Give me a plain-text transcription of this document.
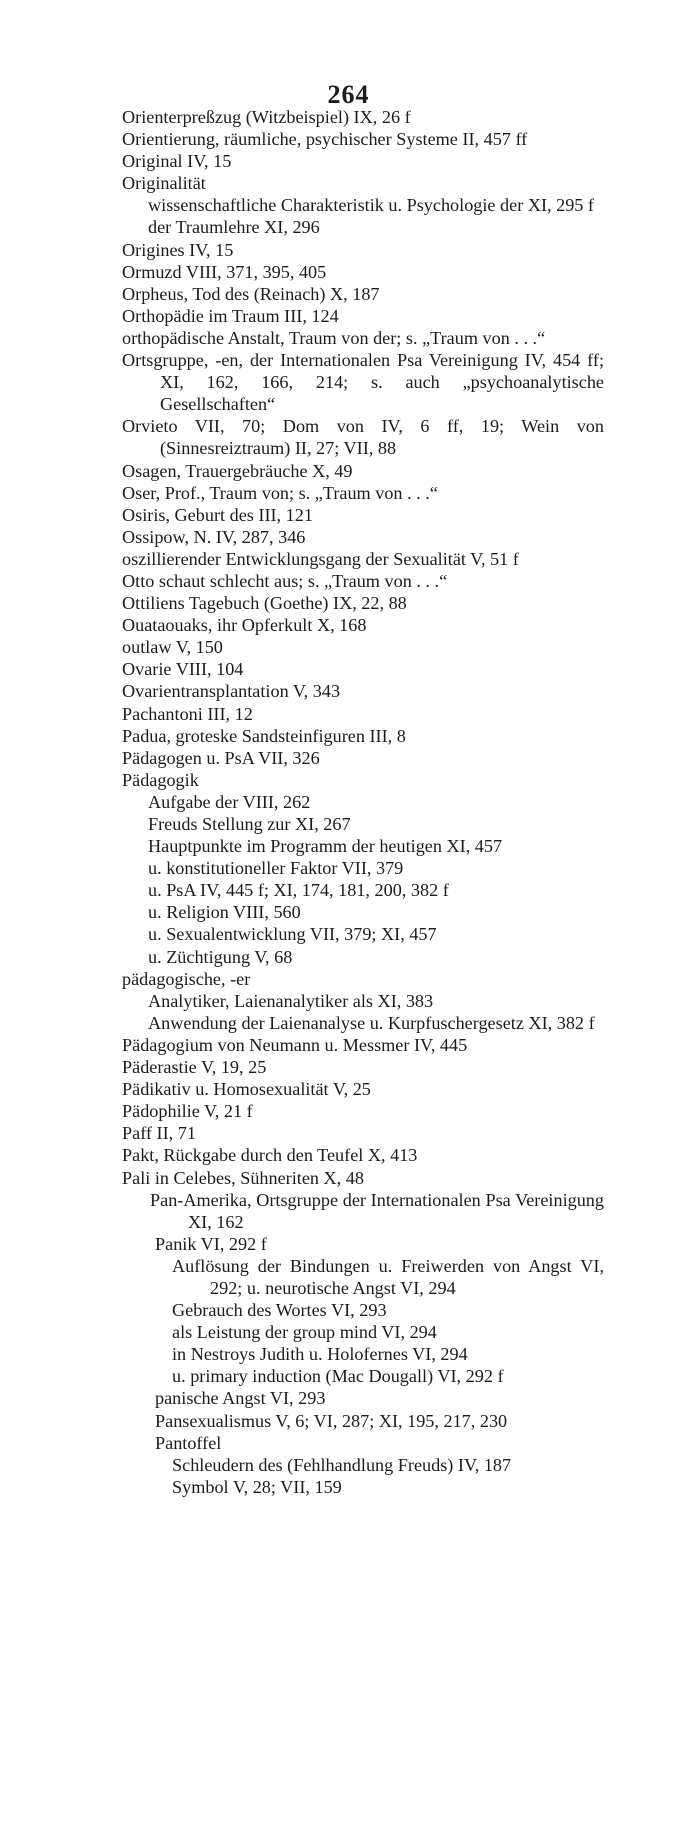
264

Orienterpreßzug (Witzbeispiel) IX, 26 f

Orientierung, räumliche, psychischer Systeme II, 457 ff

Original IV, 15

Originalität

wissenschaftliche Charakteristik u. Psychologie der XI, 295 f

der Traumlehre XI, 296

Origines IV, 15

Ormuzd VIII, 371, 395, 405

Orpheus, Tod des (Reinach) X, 187

Orthopädie im Traum III, 124

orthopädische Anstalt, Traum von der; s. „Traum von . . .“

Ortsgruppe, -en, der Internationalen Psa Vereinigung IV, 454 ff; XI, 162, 166, 214; s. auch „psychoanalytische Gesellschaften“

Orvieto VII, 70; Dom von IV, 6 ff, 19; Wein von (Sinnesreiztraum) II, 27; VII, 88

Osagen, Trauergebräuche X, 49

Oser, Prof., Traum von; s. „Traum von . . .“

Osiris, Geburt des III, 121

Ossipow, N. IV, 287, 346

oszillierender Entwicklungsgang der Sexualität V, 51 f

Otto schaut schlecht aus; s. „Traum von . . .“

Ottiliens Tagebuch (Goethe) IX, 22, 88

Ouataouaks, ihr Opferkult X, 168

outlaw V, 150

Ovarie VIII, 104

Ovarientransplantation V, 343

Pachantoni III, 12

Padua, groteske Sandsteinfiguren III, 8

Pädagogen u. PsA VII, 326

Pädagogik

Aufgabe der VIII, 262

Freuds Stellung zur XI, 267

Hauptpunkte im Programm der heutigen XI, 457

u. konstitutioneller Faktor VII, 379

u. PsA IV, 445 f; XI, 174, 181, 200, 382 f

u. Religion VIII, 560

u. Sexualentwicklung VII, 379; XI, 457

u. Züchtigung V, 68

pädagogische, -er

Analytiker, Laienanalytiker als XI, 383

Anwendung der Laienanalyse u. Kurpfuschergesetz XI, 382 f

Pädagogium von Neumann u. Messmer IV, 445

Päderastie V, 19, 25

Pädikativ u. Homosexualität V, 25

Pädophilie V, 21 f

Paff II, 71

Pakt, Rückgabe durch den Teufel X, 413

Pali in Celebes, Sühneriten X, 48

Pan-Amerika, Ortsgruppe der Internationalen Psa Vereinigung XI, 162

Panik VI, 292 f

Auflösung der Bindungen u. Freiwerden von Angst VI, 292; u. neurotische Angst VI, 294

Gebrauch des Wortes VI, 293

als Leistung der group mind VI, 294

in Nestroys Judith u. Holofernes VI, 294

u. primary induction (Mac Dougall) VI, 292 f

panische Angst VI, 293

Pansexualismus V, 6; VI, 287; XI, 195, 217, 230

Pantoffel

Schleudern des (Fehlhandlung Freuds) IV, 187

Symbol V, 28; VII, 159
